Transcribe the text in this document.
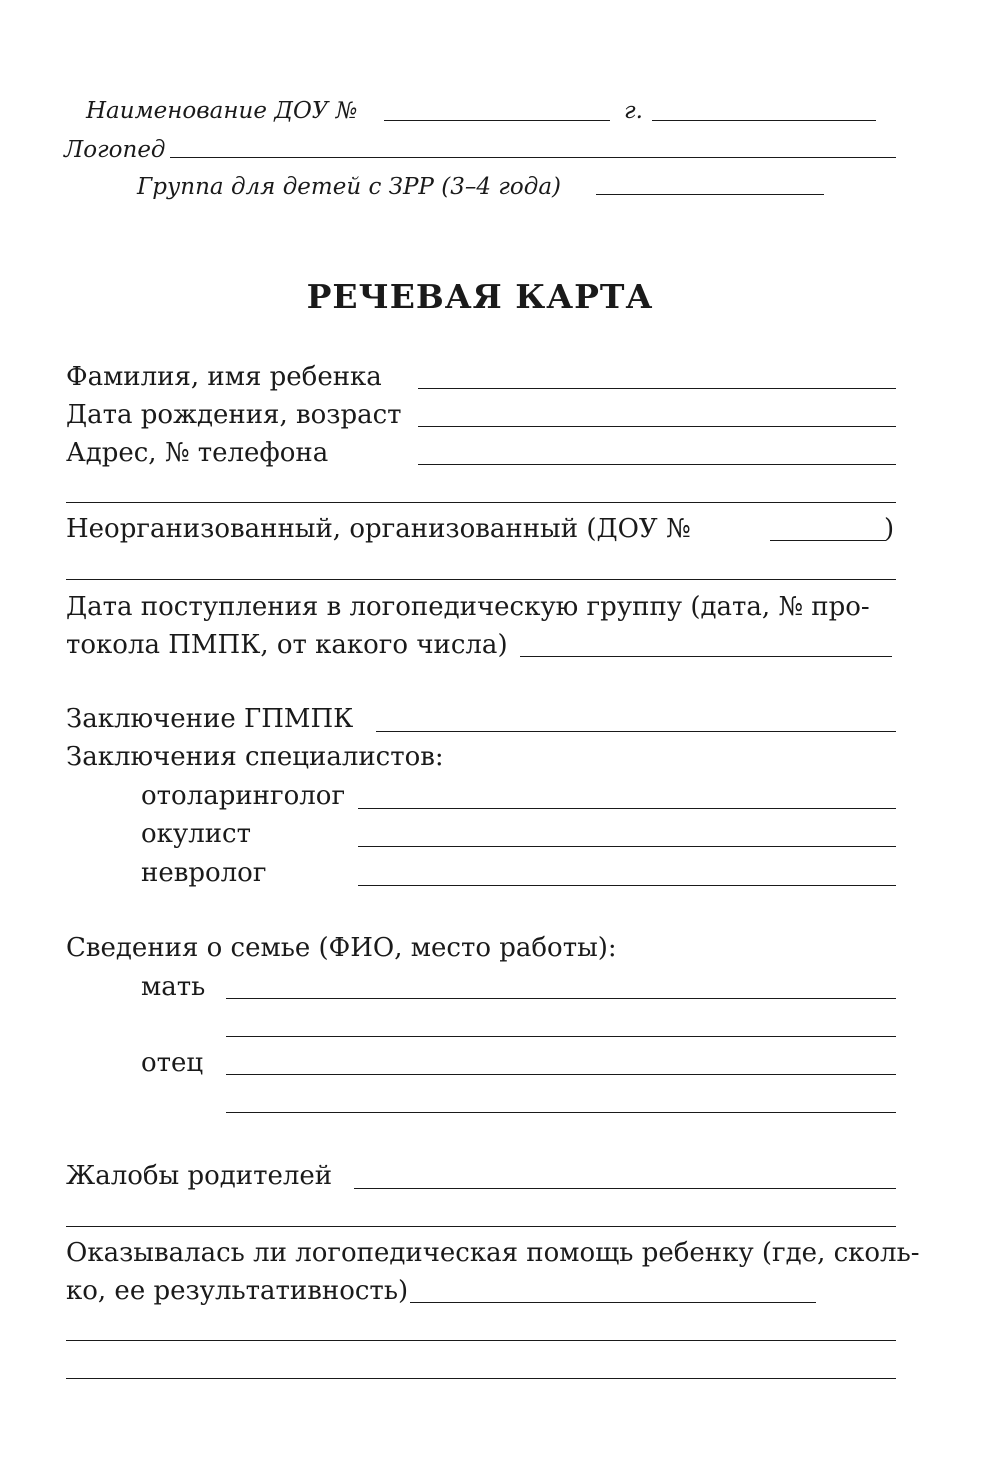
Наименование ДОУ №	г.
Логопед
Группа для детей с ЗРР (3–4 года)
РЕЧЕВАЯ КАРТА
Фамилия, имя ребенка
Дата рождения, возраст
Адрес, № телефона
Неорганизованный, организованный (ДОУ №	)
Дата поступления в логопедическую группу (дата, № про-
токола ПМПК, от какого числа)
Заключение ГПМПК
Заключения специалистов:
отоларинголог
окулист
невролог
Сведения о семье (ФИО, место работы):
мать
отец
Жалобы родителей
Оказывалась ли логопедическая помощь ребенку (где, сколь-
ко, ее результативность)
